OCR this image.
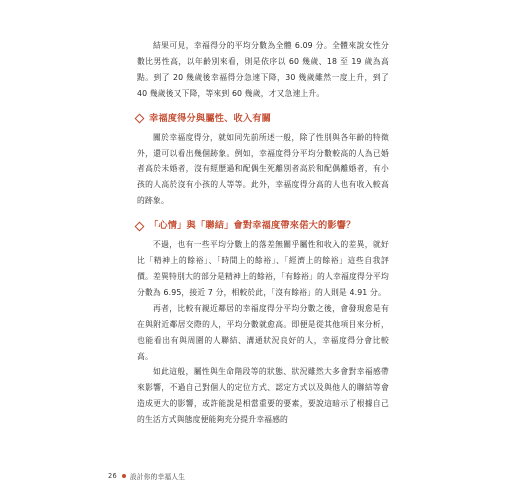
結果可見，幸福得分的平均分數為全體 6.09 分。全體來說女性分數比男性高，以年齡別來看，則是依序以 60 幾歲、18 至 19 歲為高點。到了 20 幾歲後幸福得分急速下降，30 幾歲雖然一度上升，到了 40 幾歲後又下降，等來到 60 幾歲，才又急速上升。

幸福度得分與屬性、收入有關

關於幸福度得分，就如同先前所述一般，除了性別與各年齡的特徵外，還可以看出幾個跡象。例如，幸福度得分平均分數較高的人為已婚者高於未婚者，沒有經歷過和配偶生死離別者高於和配偶離婚者，有小孩的人高於沒有小孩的人等等。此外，幸福度得分高的人也有收入較高的跡象。

「心情」與「聯結」會對幸福度帶來偌大的影響？

不過，也有一些平均分數上的落差無關乎屬性和收入的差異，就好比「精神上的餘裕」、「時間上的餘裕」、「經濟上的餘裕」這些自我評價。差異特別大的部分是精神上的餘裕，「有餘裕」的人幸福度得分平均分數為 6.95，接近 7 分，相較於此，「沒有餘裕」的人則是 4.91 分。

再者，比較有親近鄰居的幸福度得分平均分數之後，會發現愈是有在與附近鄰居交際的人，平均分數就愈高。即便是從其他項目來分析，也能看出有與周圍的人聯結、溝通狀況良好的人，幸福度得分會比較高。

如此這般，屬性與生命階段等的狀態、狀況雖然大多會對幸福感帶來影響，不過自己對個人的定位方式、認定方式以及與他人的聯結等會造成更大的影響，或許能說是相當重要的要素，要說這暗示了根據自己的生活方式與態度便能夠充分提升幸福感的

26 設計你的幸福人生
